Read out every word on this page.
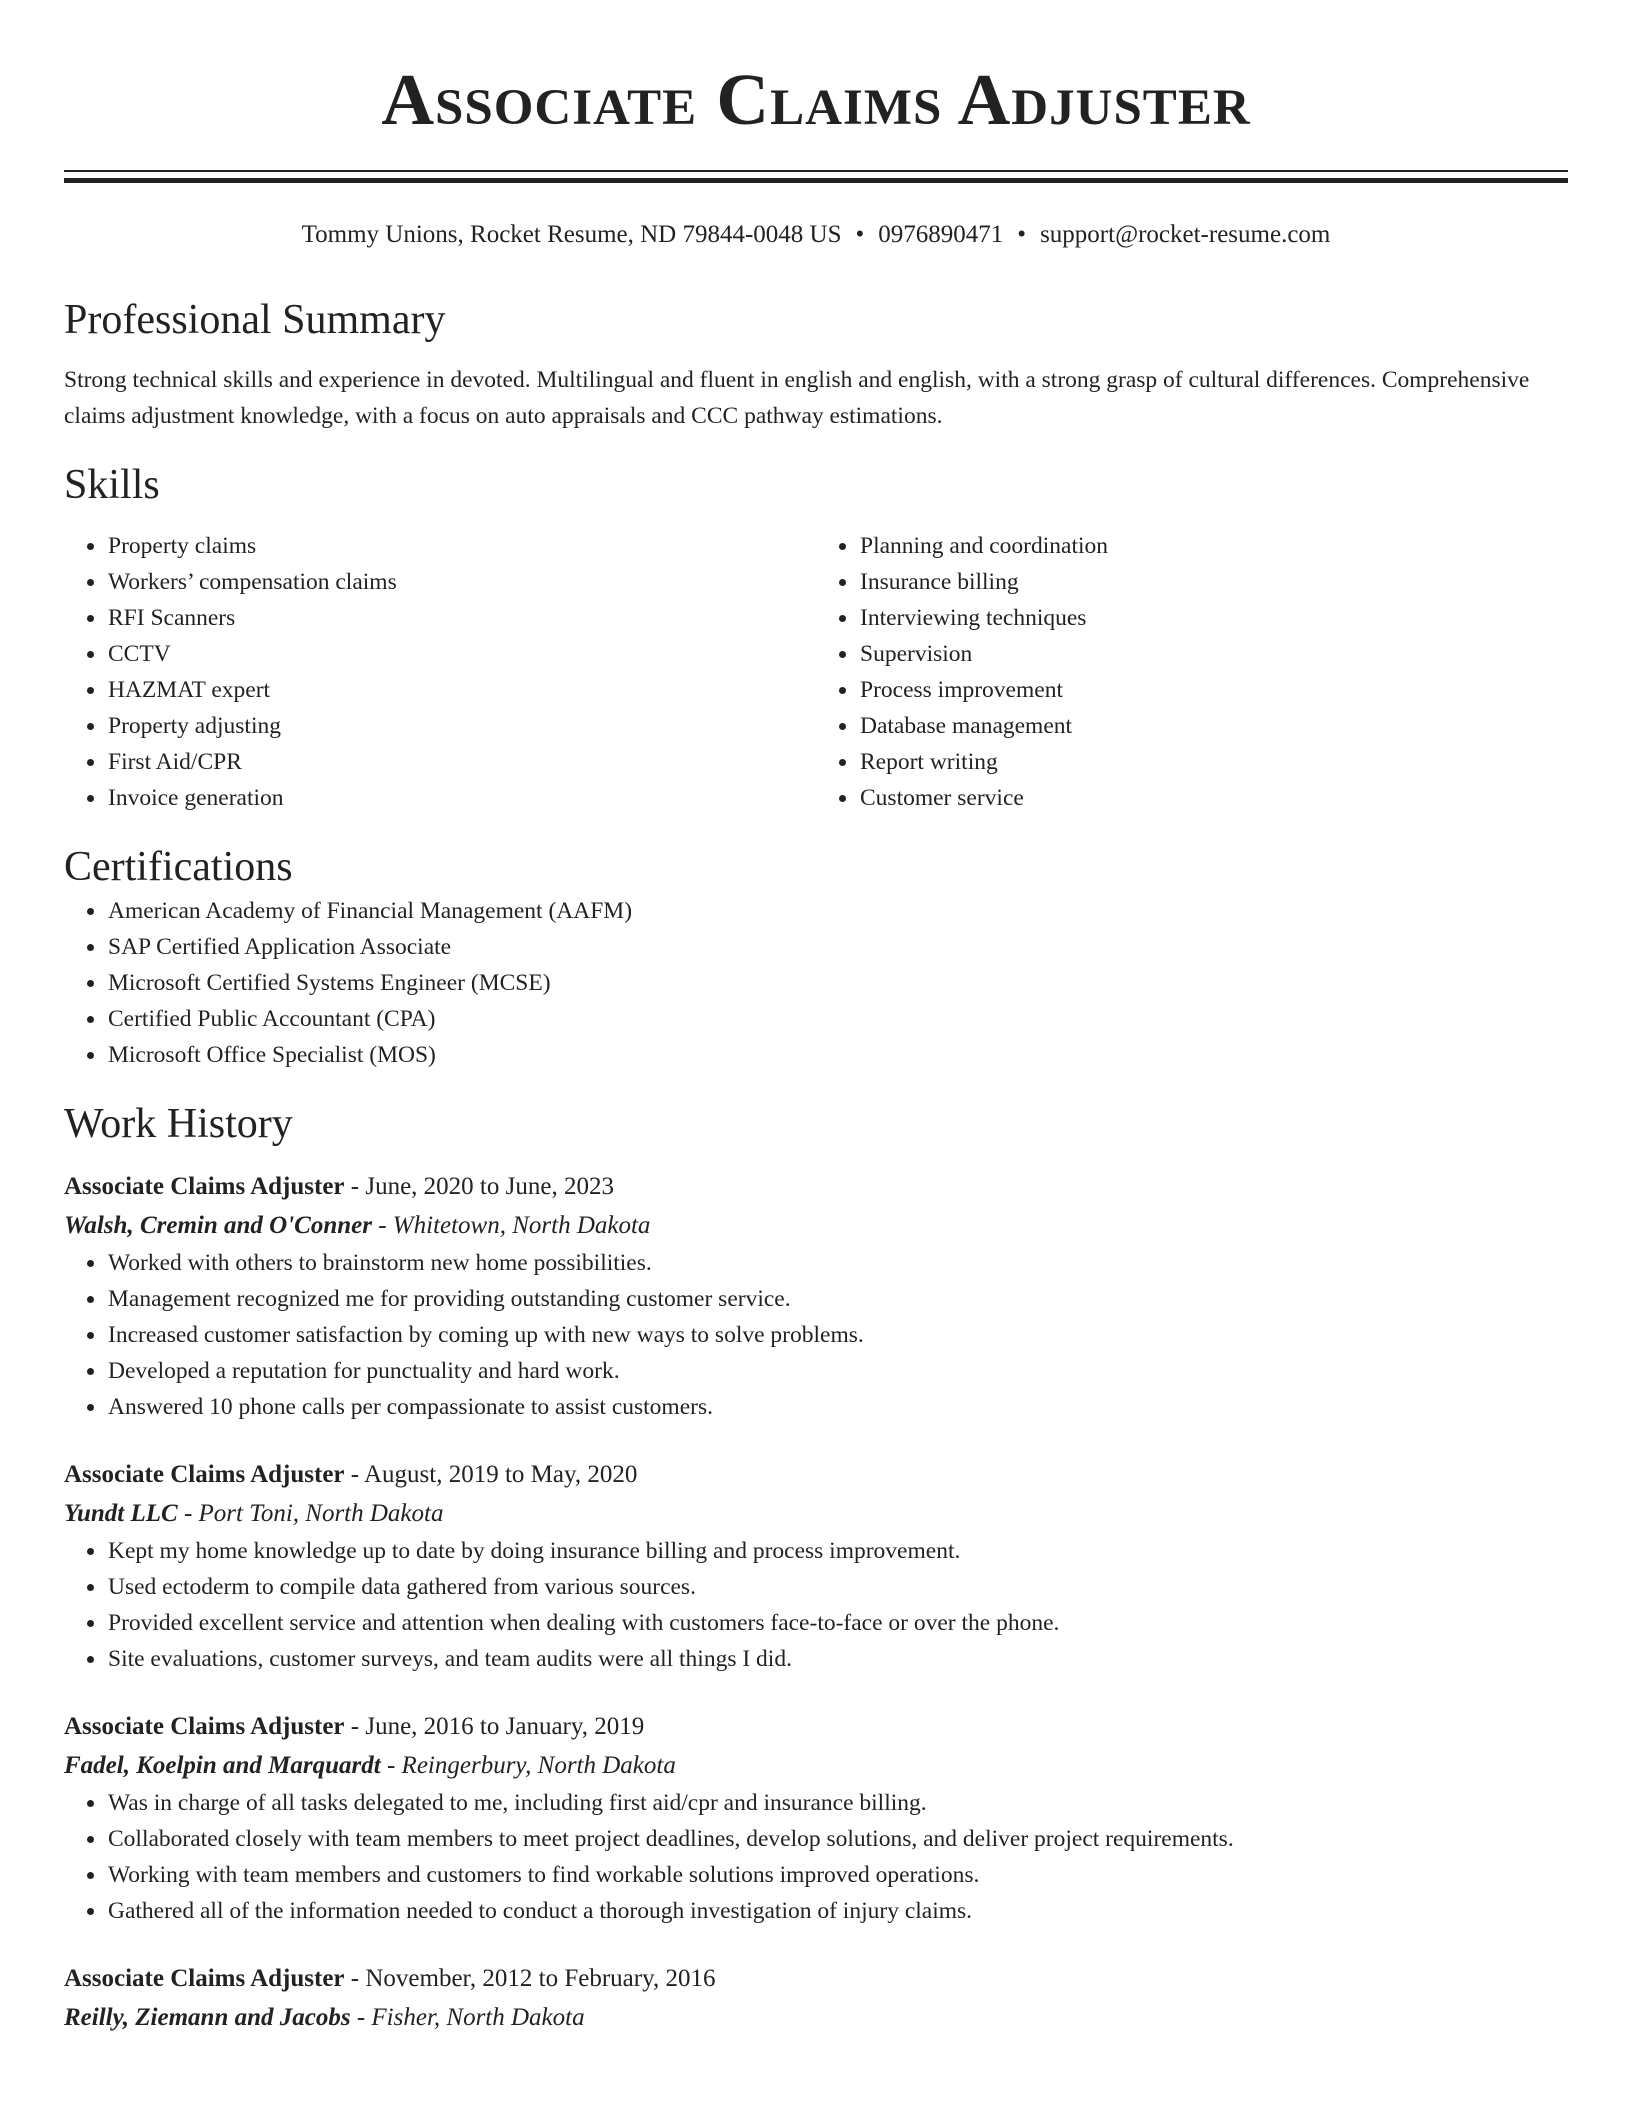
Associate Claims Adjuster
Tommy Unions, Rocket Resume, ND 79844-0048 US • 0976890471 • support@rocket-resume.com
Professional Summary
Strong technical skills and experience in devoted. Multilingual and fluent in english and english, with a strong grasp of cultural differences. Comprehensive claims adjustment knowledge, with a focus on auto appraisals and CCC pathway estimations.
Skills
• Property claims
• Workers’ compensation claims
• RFI Scanners
• CCTV
• HAZMAT expert
• Property adjusting
• First Aid/CPR
• Invoice generation
• Planning and coordination
• Insurance billing
• Interviewing techniques
• Supervision
• Process improvement
• Database management
• Report writing
• Customer service
Certifications
• American Academy of Financial Management (AAFM)
• SAP Certified Application Associate
• Microsoft Certified Systems Engineer (MCSE)
• Certified Public Accountant (CPA)
• Microsoft Office Specialist (MOS)
Work History
Associate Claims Adjuster - June, 2020 to June, 2023
Walsh, Cremin and O'Conner - Whitetown, North Dakota
• Worked with others to brainstorm new home possibilities.
• Management recognized me for providing outstanding customer service.
• Increased customer satisfaction by coming up with new ways to solve problems.
• Developed a reputation for punctuality and hard work.
• Answered 10 phone calls per compassionate to assist customers.
Associate Claims Adjuster - August, 2019 to May, 2020
Yundt LLC - Port Toni, North Dakota
• Kept my home knowledge up to date by doing insurance billing and process improvement.
• Used ectoderm to compile data gathered from various sources.
• Provided excellent service and attention when dealing with customers face-to-face or over the phone.
• Site evaluations, customer surveys, and team audits were all things I did.
Associate Claims Adjuster - June, 2016 to January, 2019
Fadel, Koelpin and Marquardt - Reingerbury, North Dakota
• Was in charge of all tasks delegated to me, including first aid/cpr and insurance billing.
• Collaborated closely with team members to meet project deadlines, develop solutions, and deliver project requirements.
• Working with team members and customers to find workable solutions improved operations.
• Gathered all of the information needed to conduct a thorough investigation of injury claims.
Associate Claims Adjuster - November, 2012 to February, 2016
Reilly, Ziemann and Jacobs - Fisher, North Dakota
